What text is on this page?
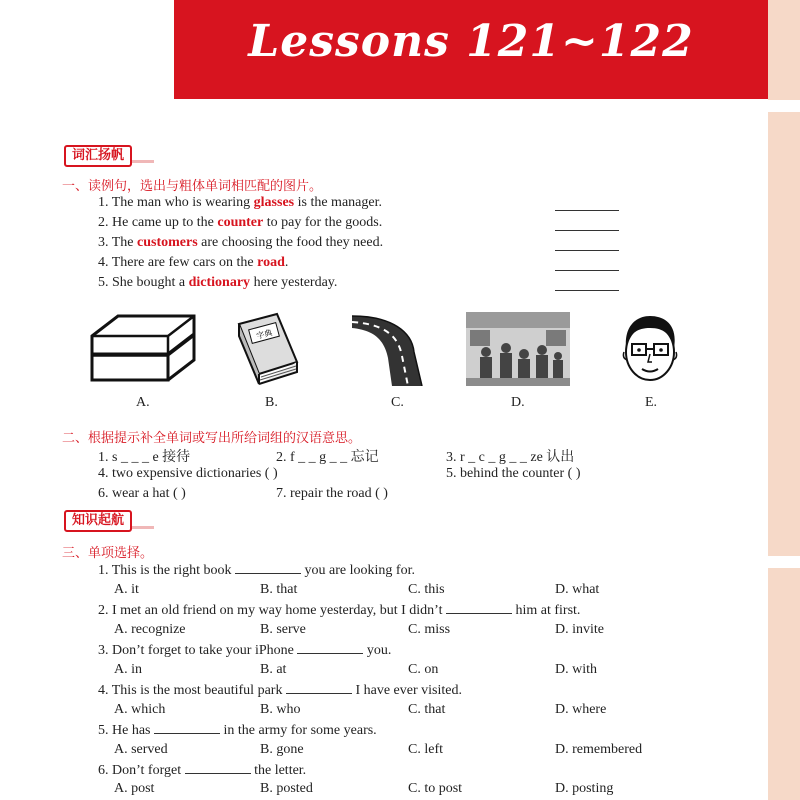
Lessons 121~122
词汇扬帆
一、读例句，选出与粗体单词相匹配的图片。
1. The man who is wearing glasses is the manager.
2. He came up to the counter to pay for the goods.
3. The customers are choosing the food they need.
4. There are few cars on the road.
5. She bought a dictionary here yesterday.
字典
A.	B.	C.	D.	E.
二、根据提示补全单词或写出所给词组的汉语意思。
1. s _ _ _ e 接待	2. f _ _ g _ _ 忘记	3. r _ c _ g _ _ ze 认出
4. two expensive dictionaries ( )	5. behind the counter ( )
6. wear a hat ( )	7. repair the road ( )
知识起航
三、单项选择。
1. This is the right book	you are looking for.
A. it	B. that	C. this	D. what
2. I met an old friend on my way home yesterday, but I didn’t	him at first.
A. recognize	B. serve	C. miss	D. invite
3. Don’t forget to take your iPhone	you.
A. in	B. at	C. on	D. with
4. This is the most beautiful park	I have ever visited.
A. which	B. who	C. that	D. where
5. He has	in the army for some years.
A. served	B. gone	C. left	D. remembered
6. Don’t forget	the letter.
A. post	B. posted	C. to post	D. posting
